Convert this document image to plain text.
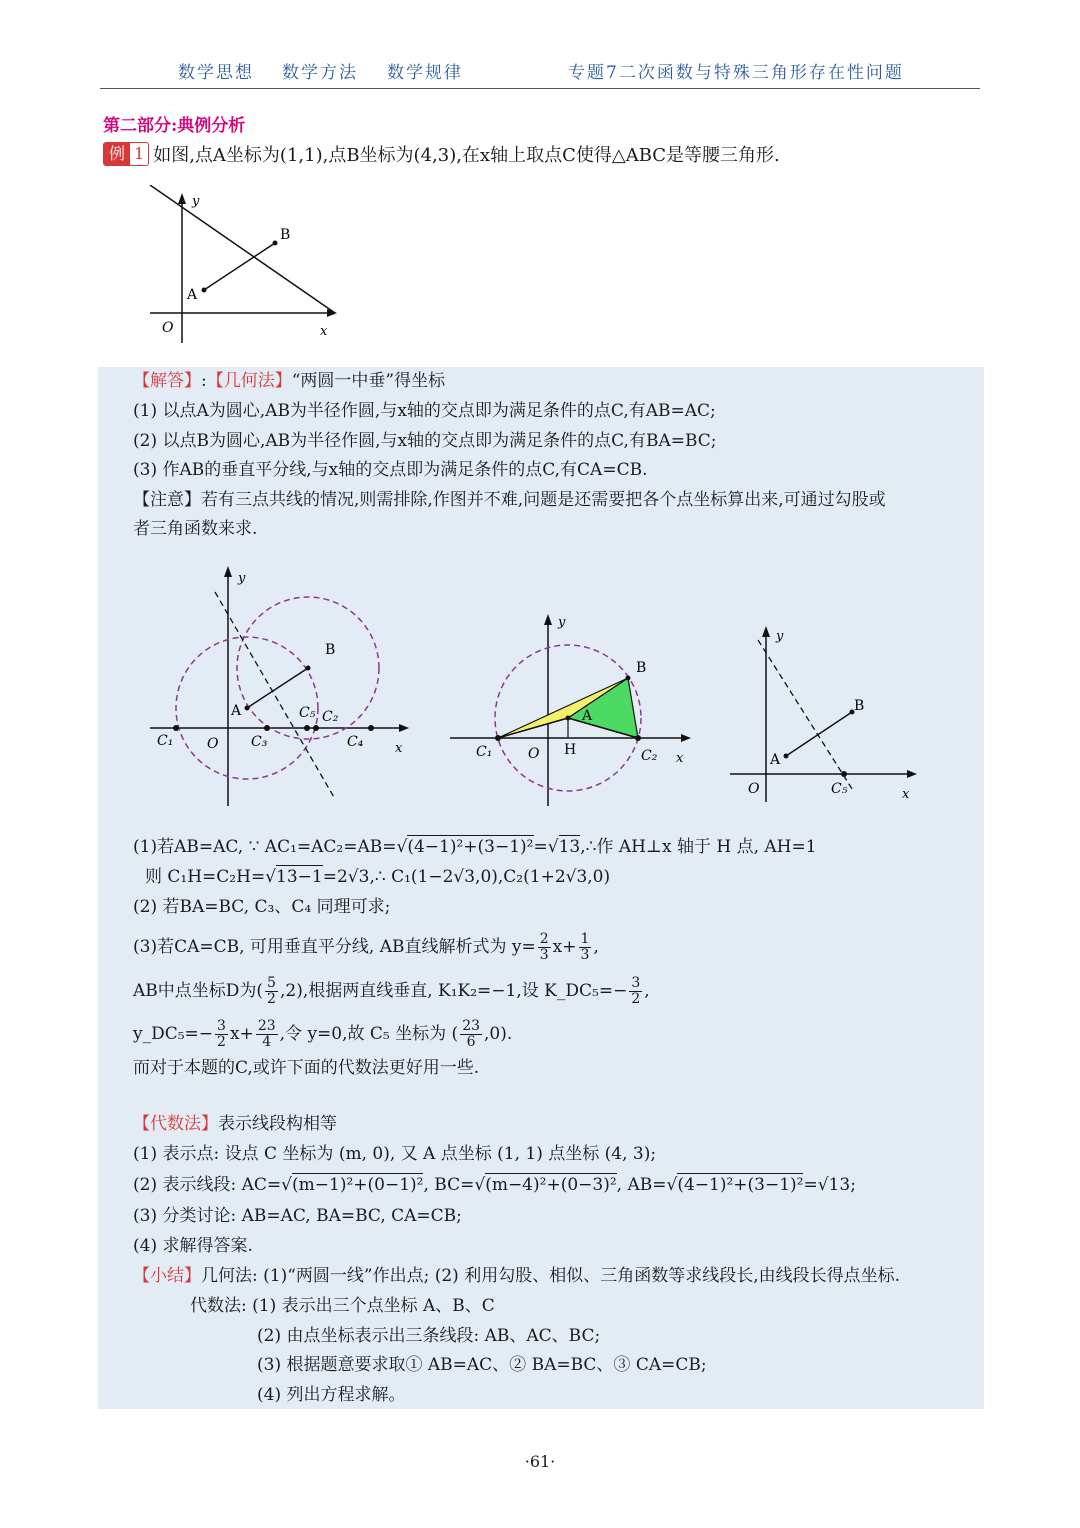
数学思想 数学方法 数学规律	专题7二次函数与特殊三角形存在性问题
第二部分:典例分析
例 1 如图,点A坐标为(1,1),点B坐标为(4,3),在x轴上取点C使得△ABC是等腰三角形.
y
x
O
A
B
【解答】:【几何法】“两圆一中垂”得坐标
(1) 以点A为圆心,AB为半径作圆,与x轴的交点即为满足条件的点C,有AB=AC;
(2) 以点B为圆心,AB为半径作圆,与x轴的交点即为满足条件的点C,有BA=BC;
(3) 作AB的垂直平分线,与x轴的交点即为满足条件的点C,有CA=CB.
【注意】若有三点共线的情况,则需排除,作图并不难,问题是还需要把各个点坐标算出来,可通过勾股或
者三角函数来求.
y
x
O
A
B
C₁	C₃
C₅ C₂
C₄
y
x
O H
A
B
C₁	C₂
y
x
O
A
B
C₅
(1)若AB=AC, ∵ AC₁=AC₂=AB=√(4−1)²+(3−1)²=√13,∴作 AH⊥x 轴于 H 点, AH=1
则 C₁H=C₂H=√13−1=2√3,∴ C₁(1−2√3,0),C₂(1+2√3,0)
(2) 若BA=BC, C₃、C₄ 同理可求;
(3)若CA=CB, 可用垂直平分线, AB直线解析式为 $y= \frac{2}{3} x+ \frac{1}{3}$ ,
AB中点坐标D为( $\frac{5}{2} ,2$),根据两直线垂直, K₁K₂=−1,设 K_DC₅=− $\frac{3}{2}$ ,
y_DC₅=− $\frac{3}{2} x+ \frac{23}{4}$ ,令 y=0,故 C₅ 坐标为 ( $\frac{23}{6} ,0$).
而对于本题的C,或许下面的代数法更好用一些.
【代数法】表示线段构相等
(1) 表示点: 设点 C 坐标为 (m, 0), 又 A 点坐标 (1, 1) 点坐标 (4, 3);
(2) 表示线段: AC=√(m−1)²+(0−1)², BC=√(m−4)²+(0−3)², AB=√(4−1)²+(3−1)²=√13;
(3) 分类讨论: AB=AC, BA=BC, CA=CB;
(4) 求解得答案.
【小结】几何法: (1)“两圆一线”作出点; (2) 利用勾股、相似、三角函数等求线段长,由线段长得点坐标.
代数法: (1) 表示出三个点坐标 A、B、C
(2) 由点坐标表示出三条线段: AB、AC、BC;
(3) 根据题意要求取① AB=AC、② BA=BC、③ CA=CB;
(4) 列出方程求解。
·61·
